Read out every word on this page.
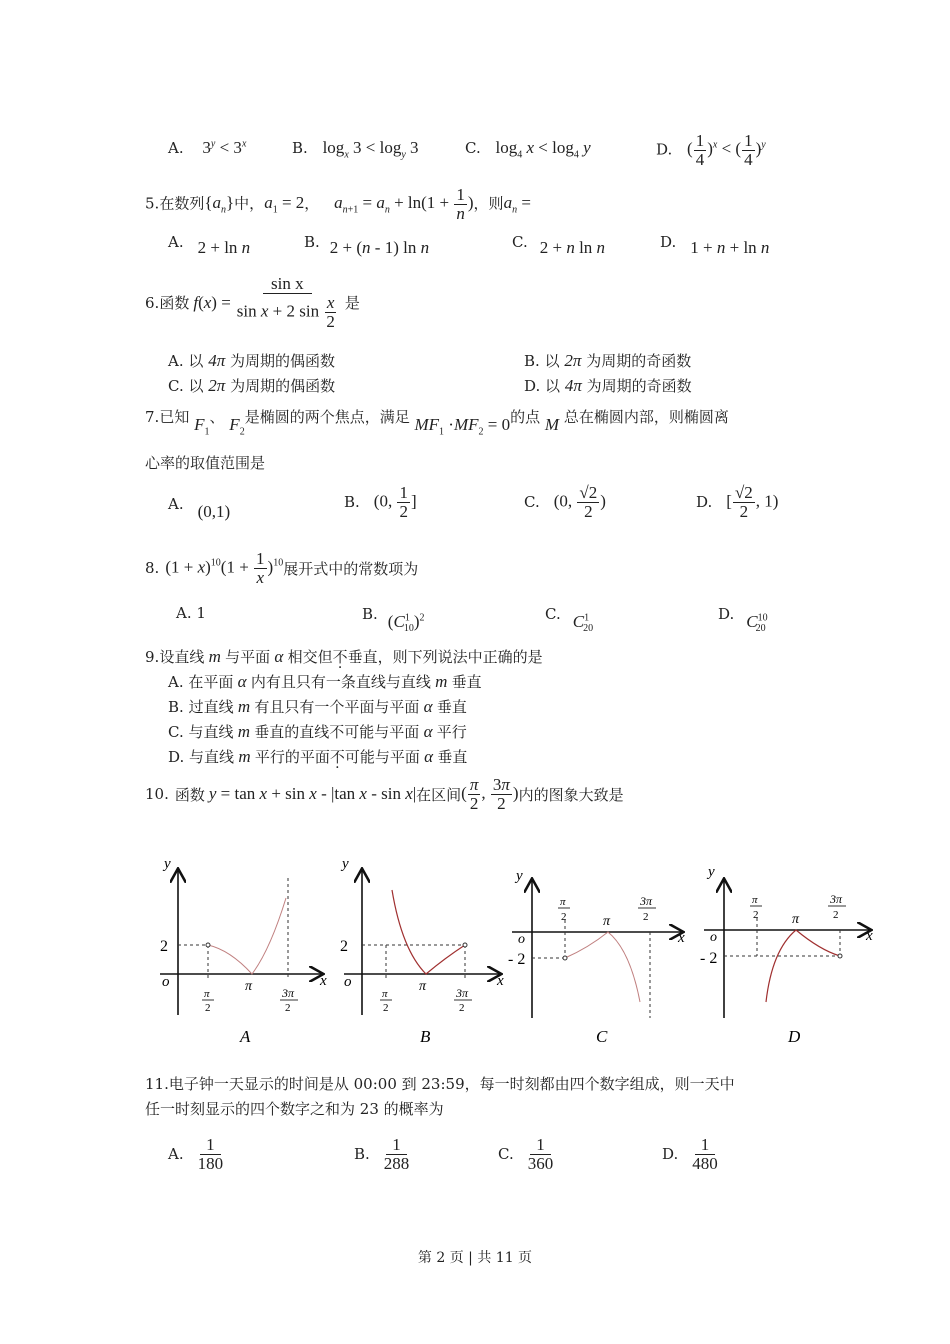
A. $3^y < 3^x$	B. $\log_x 3 < \log_y 3$	C. $\log_4 x < \log_4 y$	D. ( $\frac{1}{4} )^x$ < ( $\frac{1}{4} )^y$
5.在数列$\{a_n\}$中，$a_1 = 2$， $a_{n+1} = a_n + \ln(1 + \frac{1}{n}$ )，则$a_n$ =
A. 2 + ln n	B. 2 + (n - 1) ln n	C. 2 + n ln n	D. 1 + n + ln n
6. 函数 $f(x) = \frac{\text{sin x}}{\sin x + 2 \sin \frac{x}{2}}$ 是
A. 以 4π 为周期的偶函数	B. 以 2π 为周期的奇函数
C. 以 2π 为周期的偶函数	D. 以 4π 为周期的奇函数
7.已知 $F_1$、 $F_2$是椭圆的两个焦点，满足 $MF_1 \cdot MF_2 = 0$的点 M 总在椭圆内部，则椭圆离
心率的取值范围是
A. (0,1)	B. (0, $\frac{1}{2}$ ]	C. (0, $\frac{√2}{2}$ )	D. [ $\frac{√2}{2}$ , 1)
8. $(1 + x)^{10}(1 + \frac{1}{x} )^{10}$ 展开式中的常数项为
A. 1	B. $(C^1_{10})^2$	C. $C^1_{20}$
D. $C^{10}_{20}$
9.设直线 m 与平面 α 相交但不垂直，则下列说法中正确的是
A. 在平面 α 内有且只有一条直线与直线 m 垂直
B. 过直线 m 有且只有一个平面与平面 α 垂直
C. 与直线 m 垂直的直线不可能与平面 α 平行
D. 与直线 m 平行的平面不可能与平面 α 垂直
10. 函数 y = tan x + sin x - |tan x - sin x| 在区间 ( $\frac{\pi}{2}$ , $\frac{3\pi}{2}$ ) 内的图象大致是
y
x
o
2
π
2
π 3π
2
A
y
x
o
2
π
2
π 3π
2
B
y
x
o
- 2
π
2	π
3π
2
C
y
x
o
- 2
π
2 π
3π
2
D
11.电子钟一天显示的时间是从 00:00 到 23:59，每一时刻都由四个数字组成，则一天中
任一时刻显示的四个数字之和为 23 的概率为
A. $\frac{1}{180}$	B. $\frac{1}{288}$	C. $\frac{1}{360}$	D. $\frac{1}{480}$
第 2 页 | 共 11 页
